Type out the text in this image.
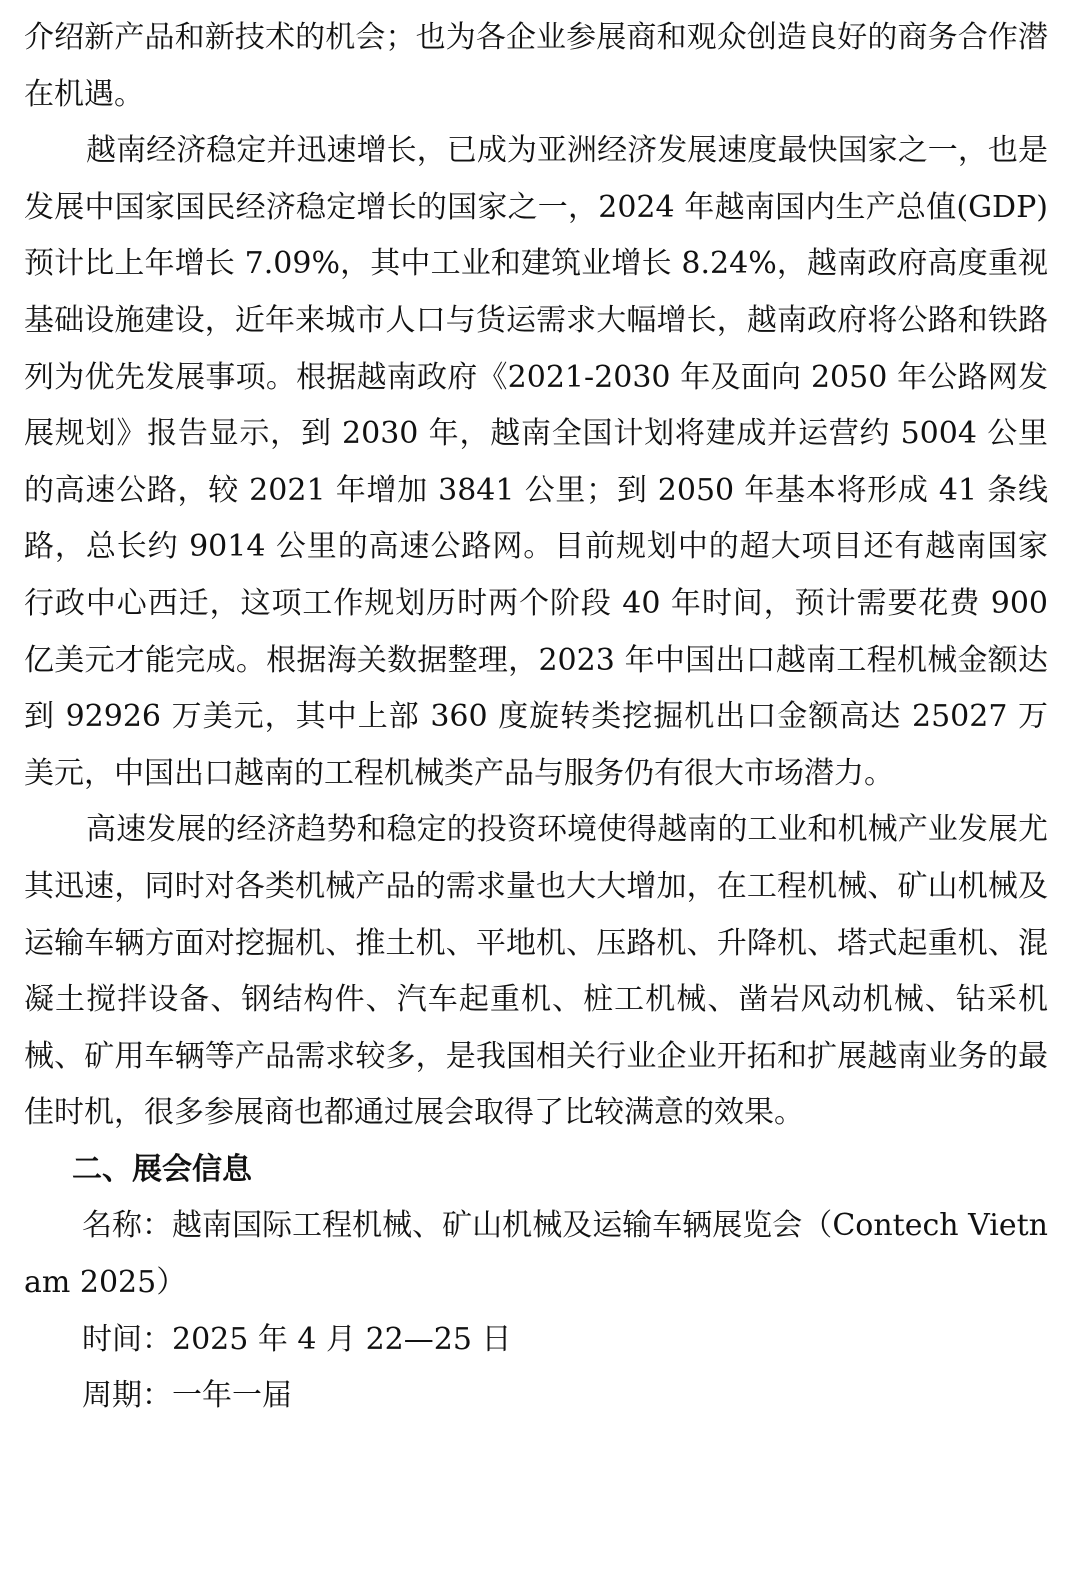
介绍新产品和新技术的机会；也为各企业参展商和观众创造良好的商务合作潜在机遇。

越南经济稳定并迅速增长，已成为亚洲经济发展速度最快国家之一，也是发展中国家国民经济稳定增长的国家之一，2024 年越南国内生产总值(GDP)预计比上年增长 7.09%，其中工业和建筑业增长 8.24%，越南政府高度重视基础设施建设，近年来城市人口与货运需求大幅增长，越南政府将公路和铁路列为优先发展事项。根据越南政府《2021-2030 年及面向 2050 年公路网发展规划》报告显示，到 2030 年，越南全国计划将建成并运营约 5004 公里的高速公路，较 2021 年增加 3841 公里；到 2050 年基本将形成 41 条线路，总长约 9014 公里的高速公路网。目前规划中的超大项目还有越南国家行政中心西迁，这项工作规划历时两个阶段 40 年时间，预计需要花费 900 亿美元才能完成。根据海关数据整理，2023 年中国出口越南工程机械金额达到 92926 万美元，其中上部 360 度旋转类挖掘机出口金额高达 25027 万美元，中国出口越南的工程机械类产品与服务仍有很大市场潜力。

高速发展的经济趋势和稳定的投资环境使得越南的工业和机械产业发展尤其迅速，同时对各类机械产品的需求量也大大增加，在工程机械、矿山机械及运输车辆方面对挖掘机、推土机、平地机、压路机、升降机、塔式起重机、混凝土搅拌设备、钢结构件、汽车起重机、桩工机械、凿岩风动机械、钻采机械、矿用车辆等产品需求较多，是我国相关行业企业开拓和扩展越南业务的最佳时机，很多参展商也都通过展会取得了比较满意的效果。

二、展会信息

名称：越南国际工程机械、矿山机械及运输车辆展览会（Contech Vietnam 2025）

时间：2025 年 4 月 22—25 日

周期：一年一届
